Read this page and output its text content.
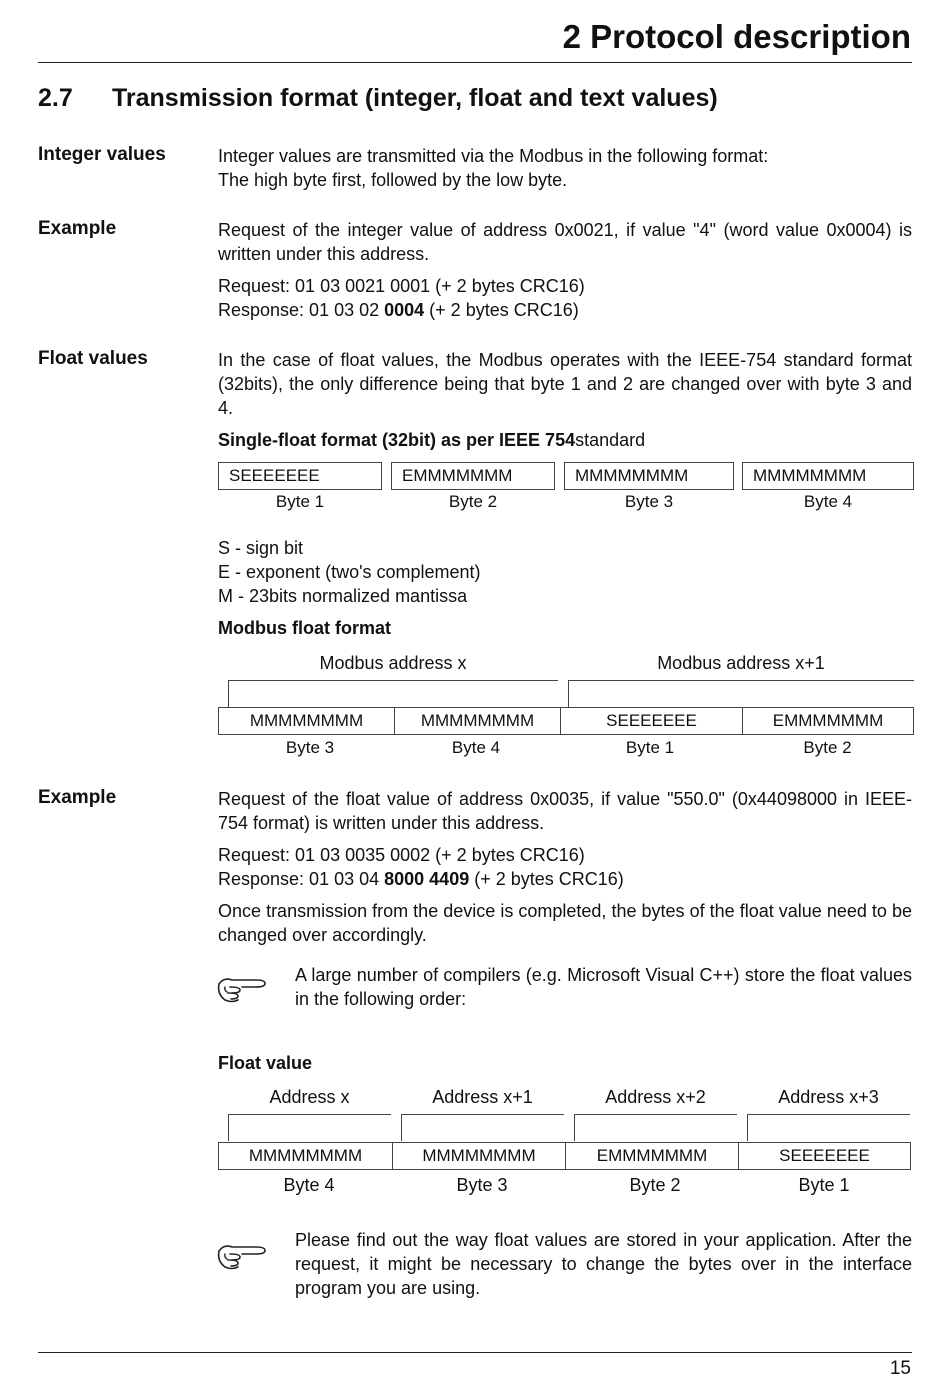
2 Protocol description
2.7 Transmission format (integer, float and text values)
Integer values	Integer values are transmitted via the Modbus in the following format:
The high byte first, followed by the low byte.
Example	Request of the integer value of address 0x0021, if value "4" (word value 0x0004) is written under this address.
Request: 01 03 0021 0001 (+ 2 bytes CRC16)
Response: 01 03 02 0004 (+ 2 bytes CRC16)
Float values	In the case of float values, the Modbus operates with the IEEE-754 standard format (32bits), the only difference being that byte 1 and 2 are changed over with byte 3 and 4.
Single-float format (32bit) as per IEEE 754standard
SEEEEEEE	EMMMMMMM	MMMMMMMM	MMMMMMMM
Byte 1	Byte 2	Byte 3	Byte 4
S - sign bit
E - exponent (two's complement)
M - 23bits normalized mantissa
Modbus float format
Modbus address x	Modbus address x+1
MMMMMMMM	MMMMMMMM	SEEEEEEE	EMMMMMMM
Byte 3	Byte 4	Byte 1	Byte 2
Example	Request of the float value of address 0x0035, if value "550.0" (0x44098000 in IEEE-754 format) is written under this address.
Request: 01 03 0035 0002 (+ 2 bytes CRC16)
Response: 01 03 04 8000 4409 (+ 2 bytes CRC16)
Once transmission from the device is completed, the bytes of the float value need to be changed over accordingly.
A large number of compilers (e.g. Microsoft Visual C++) store the float values in the following order:
Float value
Address x	Address x+1	Address x+2	Address x+3
MMMMMMMM	MMMMMMMM	EMMMMMMM	SEEEEEEE
Byte 4	Byte 3	Byte 2	Byte 1
Please find out the way float values are stored in your application. After the request, it might be necessary to change the bytes over in the interface program you are using.
15
